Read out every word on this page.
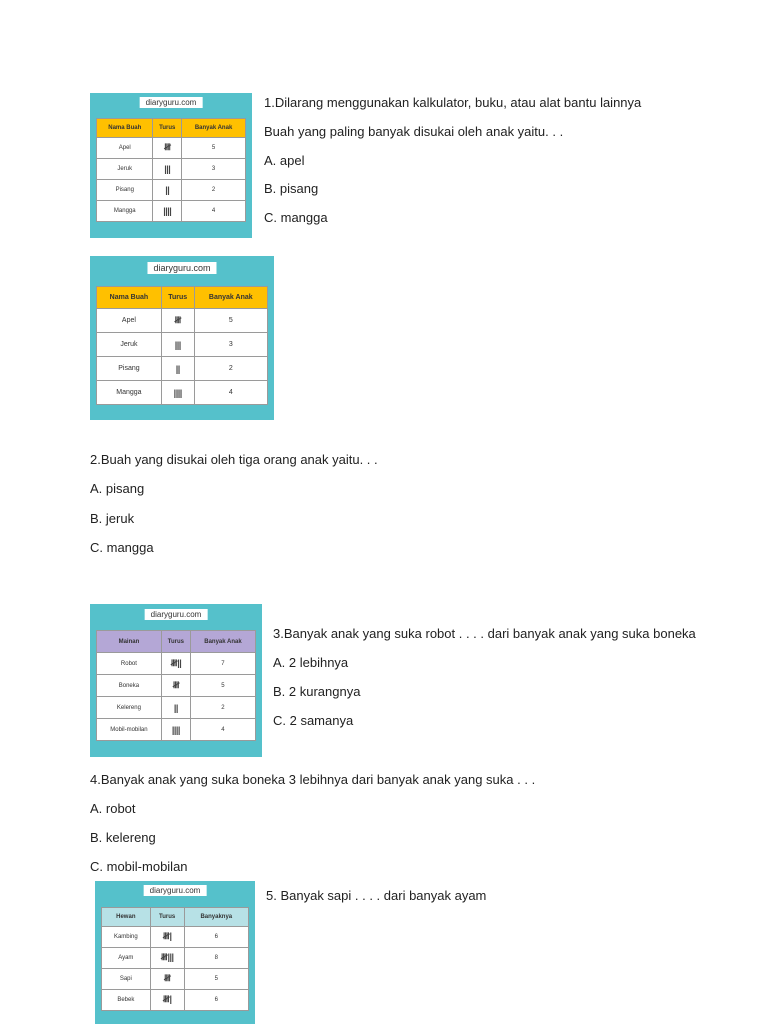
diaryguru.com
Nama Buah	Turus	Banyak Anak
Apel	𝍸	5
Jeruk	|||	3
Pisang	||	2
Mangga	||||	4
1.Dilarang menggunakan kalkulator, buku, atau alat bantu lainnya
Buah yang paling banyak disukai oleh anak yaitu. . .
A. apel
B. pisang
C. mangga
diaryguru.com
Nama Buah	Turus	Banyak Anak
Apel	𝍸	5
Jeruk	|||	3
Pisang	||	2
Mangga	||||	4
2.Buah yang disukai oleh tiga orang anak yaitu. . .
A. pisang
B. jeruk
C. mangga
diaryguru.com
Mainan	Turus	Banyak Anak
Robot	𝍸||	7
Boneka	𝍸	5
Kelereng	||	2
Mobil-mobilan	||||	4
3.Banyak anak yang suka robot . . . . dari banyak anak yang suka boneka
A. 2 lebihnya
B. 2 kurangnya
C. 2 samanya
4.Banyak anak yang suka boneka 3 lebihnya dari banyak anak yang suka . . .
A. robot
B. kelereng
C. mobil-mobilan
diaryguru.com
Hewan	Turus	Banyaknya
Kambing	𝍸|	6
Ayam	𝍸|||	8
Sapi	𝍸	5
Bebek	𝍸|	6
5. Banyak sapi . . . . dari banyak ayam
